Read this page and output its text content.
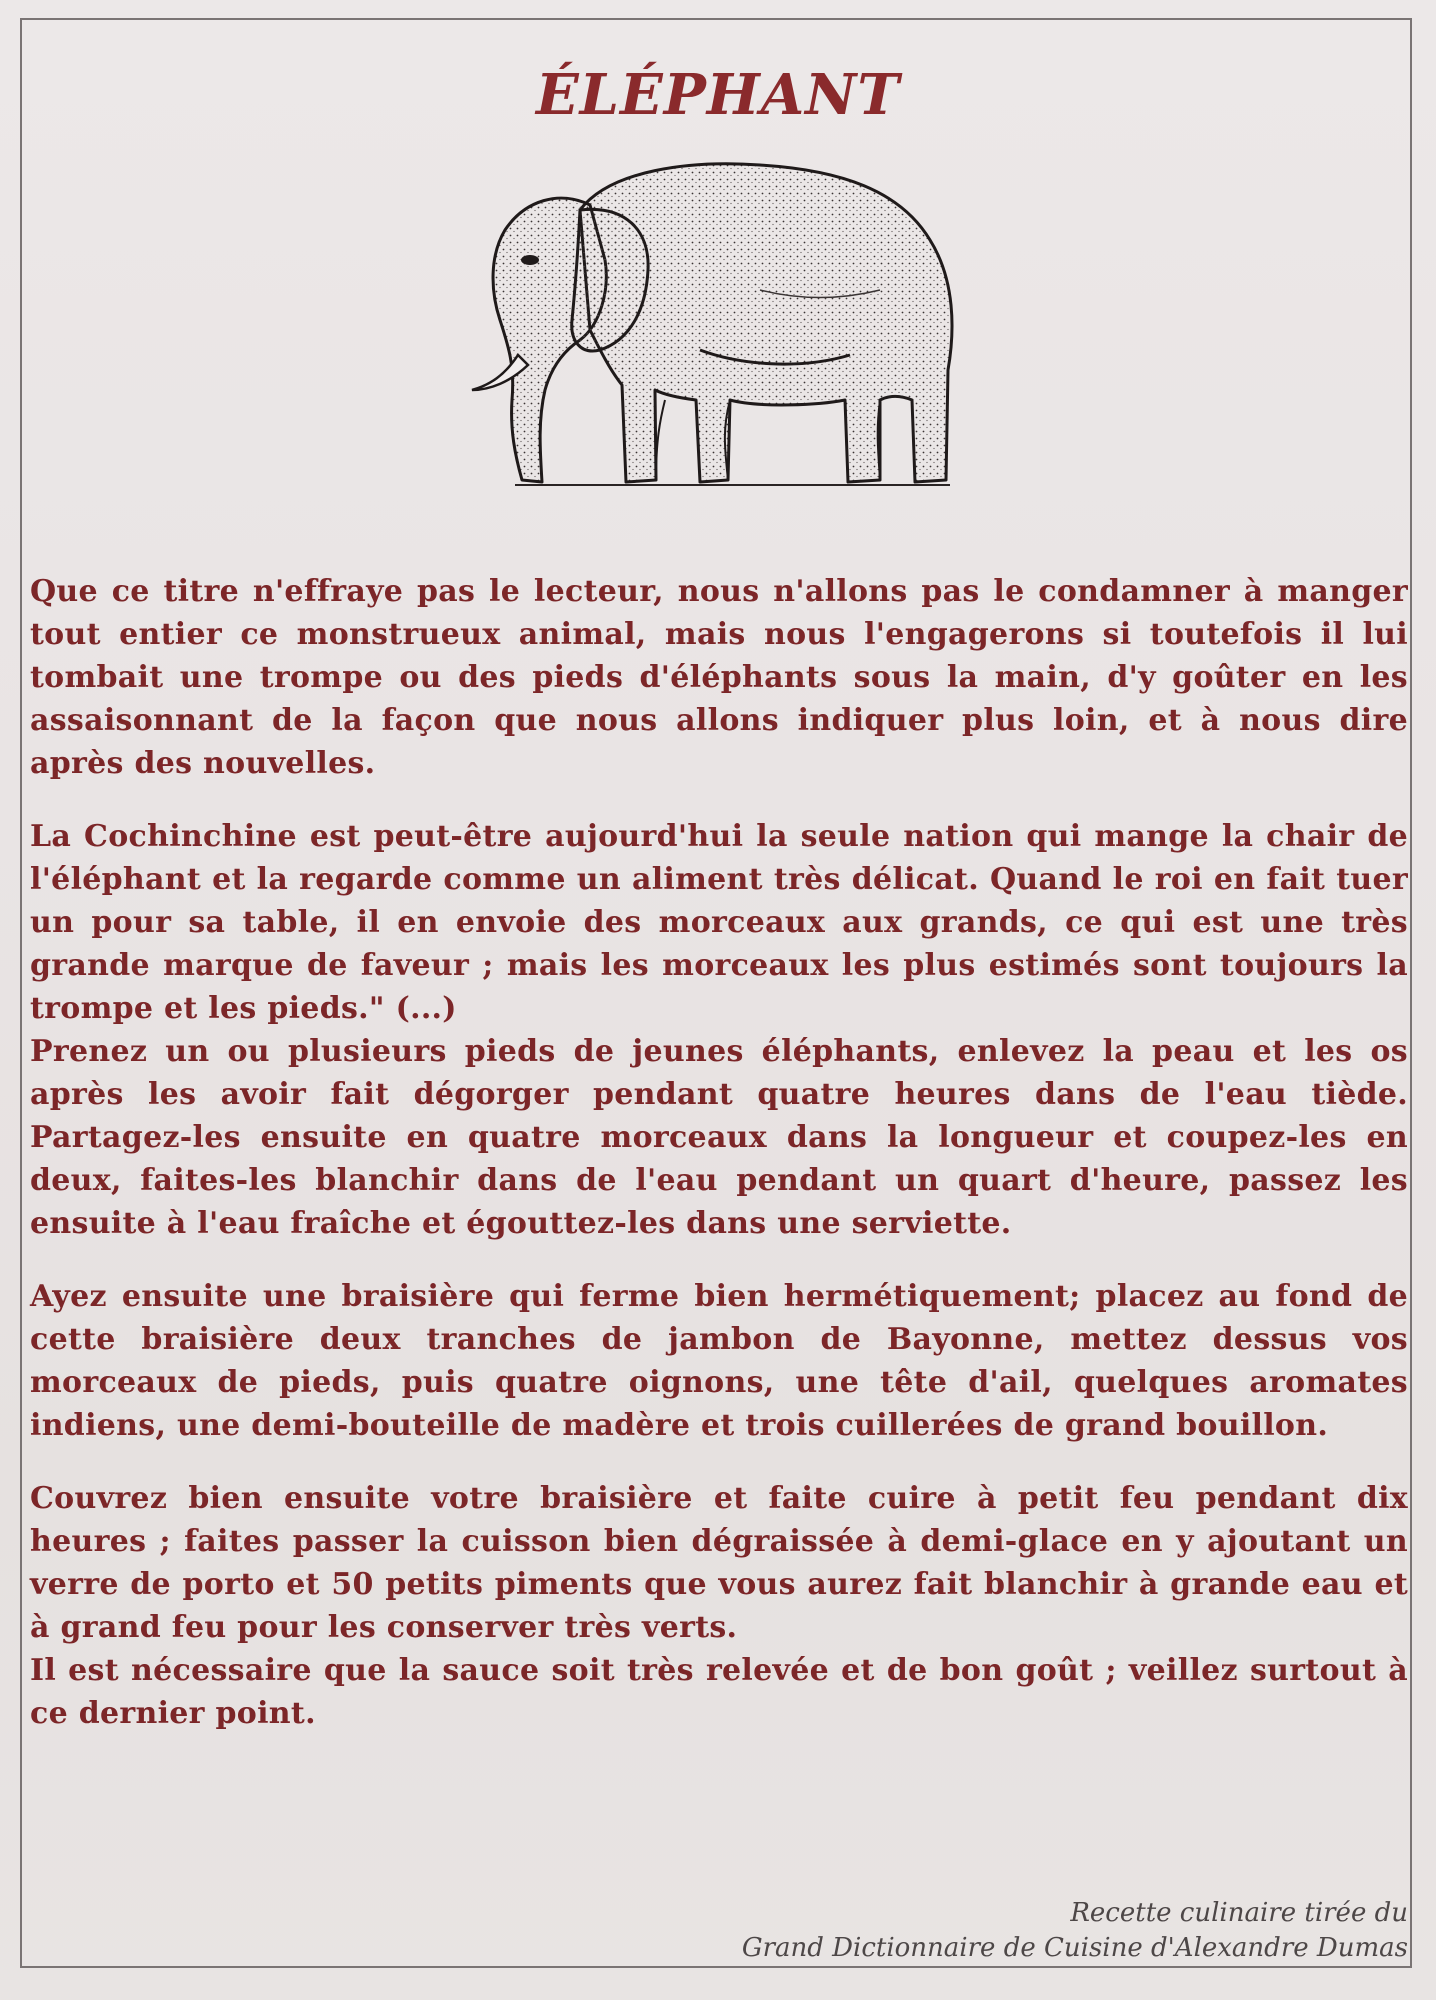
ÉLÉPHANT

Que ce titre n'effraye pas le lecteur, nous n'allons pas le condamner à manger tout entier ce monstrueux animal, mais nous l'engagerons si toutefois il lui tombait une trompe ou des pieds d'éléphants sous la main, d'y goûter en les assaisonnant de la façon que nous allons indiquer plus loin, et à nous dire après des nouvelles.

La Cochinchine est peut-être aujourd'hui la seule nation qui mange la chair de l'éléphant et la regarde comme un aliment très délicat. Quand le roi en fait tuer un pour sa table, il en envoie des morceaux aux grands, ce qui est une très grande marque de faveur ; mais les morceaux les plus estimés sont toujours la trompe et les pieds." (...)
Prenez un ou plusieurs pieds de jeunes éléphants, enlevez la peau et les os après les avoir fait dégorger pendant quatre heures dans de l'eau tiède. Partagez-les ensuite en quatre morceaux dans la longueur et coupez-les en deux, faites-les blanchir dans de l'eau pendant un quart d'heure, passez les ensuite à l'eau fraîche et égouttez-les dans une serviette.

Ayez ensuite une braisière qui ferme bien hermétiquement; placez au fond de cette braisière deux tranches de jambon de Bayonne, mettez dessus vos morceaux de pieds, puis quatre oignons, une tête d'ail, quelques aromates indiens, une demi-bouteille de madère et trois cuillerées de grand bouillon.

Couvrez bien ensuite votre braisière et faite cuire à petit feu pendant dix heures ; faites passer la cuisson bien dégraissée à demi-glace en y ajoutant un verre de porto et 50 petits piments que vous aurez fait blanchir à grande eau et à grand feu pour les conserver très verts.
Il est nécessaire que la sauce soit très relevée et de bon goût ; veillez surtout à ce dernier point.

Recette culinaire tirée du
Grand Dictionnaire de Cuisine d'Alexandre Dumas
